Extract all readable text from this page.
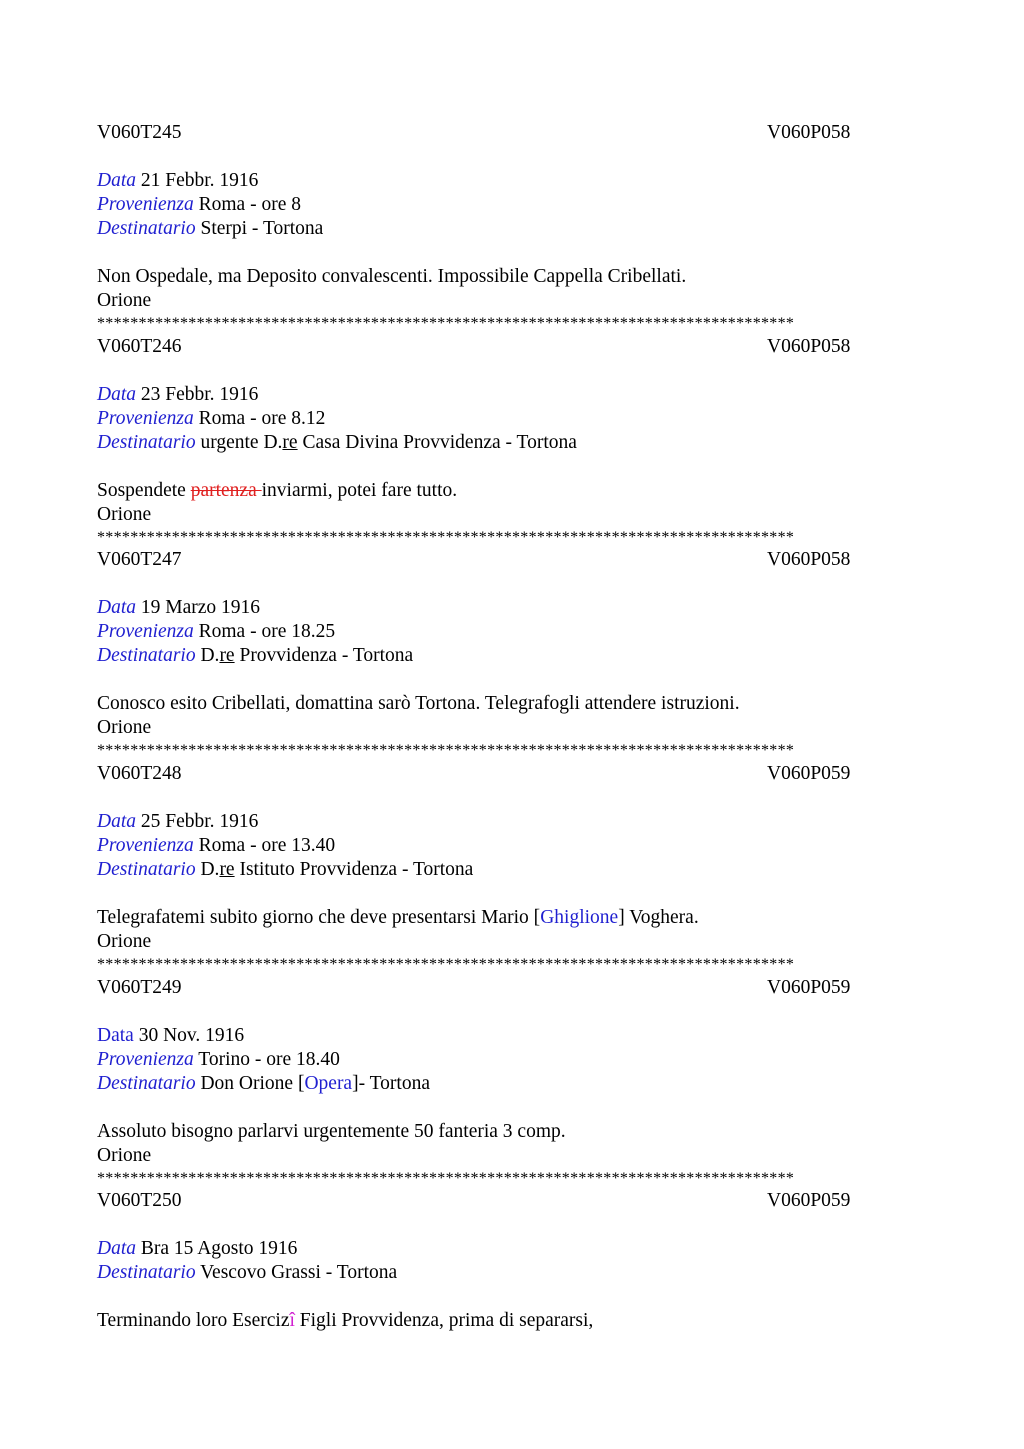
V060T245	V060P058
Data 21 Febbr. 1916
Provenienza Roma - ore 8
Destinatario Sterpi - Tortona
Non Ospedale, ma Deposito convalescenti. Impossibile Cappella Cribellati.
Orione
************************************************************************************
V060T246	V060P058
Data 23 Febbr. 1916
Provenienza Roma - ore 8.12
Destinatario urgente D.re Casa Divina Provvidenza - Tortona
Sospendete partenza inviarmi, potei fare tutto.
Orione
************************************************************************************
V060T247	V060P058
Data 19 Marzo 1916
Provenienza Roma - ore 18.25
Destinatario D.re Provvidenza - Tortona
Conosco esito Cribellati, domattina sarò Tortona. Telegrafogli attendere istruzioni.
Orione
************************************************************************************
V060T248	V060P059
Data 25 Febbr. 1916
Provenienza Roma - ore 13.40
Destinatario D.re Istituto Provvidenza - Tortona
Telegrafatemi subito giorno che deve presentarsi Mario [Ghiglione] Voghera.
Orione
************************************************************************************
V060T249	V060P059
Data 30 Nov. 1916
Provenienza Torino - ore 18.40
Destinatario Don Orione [Opera]- Tortona
Assoluto bisogno parlarvi urgentemente 50 fanteria 3 comp.
Orione
************************************************************************************
V060T250	V060P059
Data Bra 15 Agosto 1916
Destinatario Vescovo Grassi - Tortona
Terminando loro Esercizî Figli Provvidenza, prima di separarsi,
